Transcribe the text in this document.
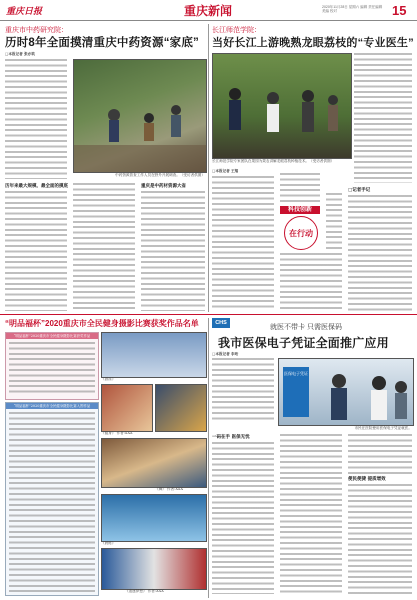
重庆日报	重庆新闻	2020年11月28日 星期六 编辑 责任编辑 美编 校对	15
重庆市中药研究院：
历时8年全面摸清重庆中药资源“家底”
□本报记者 张亦筑
中药资源普查工作人员在野外开展调查。（受访者供图）
历年来最大规模、最全面的摸底	重庆是中药材资源大省
长江师范学院：
当好长江上游晚熟龙眼荔枝的“专业医生”
长江师范学院专家团队在果园为果农讲解龙眼荔枝种植技术。（受访者供图）
□本报记者 王翔
科技创新
在行动
□记者手记
“明品福杯”2020重庆市全民健身摄影比赛获奖作品名单
“明品福杯”2020重庆市全民健身摄影比赛获奖作品
“明品福杯”2020重庆市全民健身摄影比赛入围作品
《游泳》
《健身》 作者:XXX
《舞》 作者:XXX
《晨练》
《追逐梦想》 作者:XXX
CHS
就医不带卡 只需医保码
我市医保电子凭证全面推广应用
□本报记者 李珩
医保电子凭证
市民在医院使用医保电子凭证就医。
一码在手 医保无忧
便民便捷 提质增效
